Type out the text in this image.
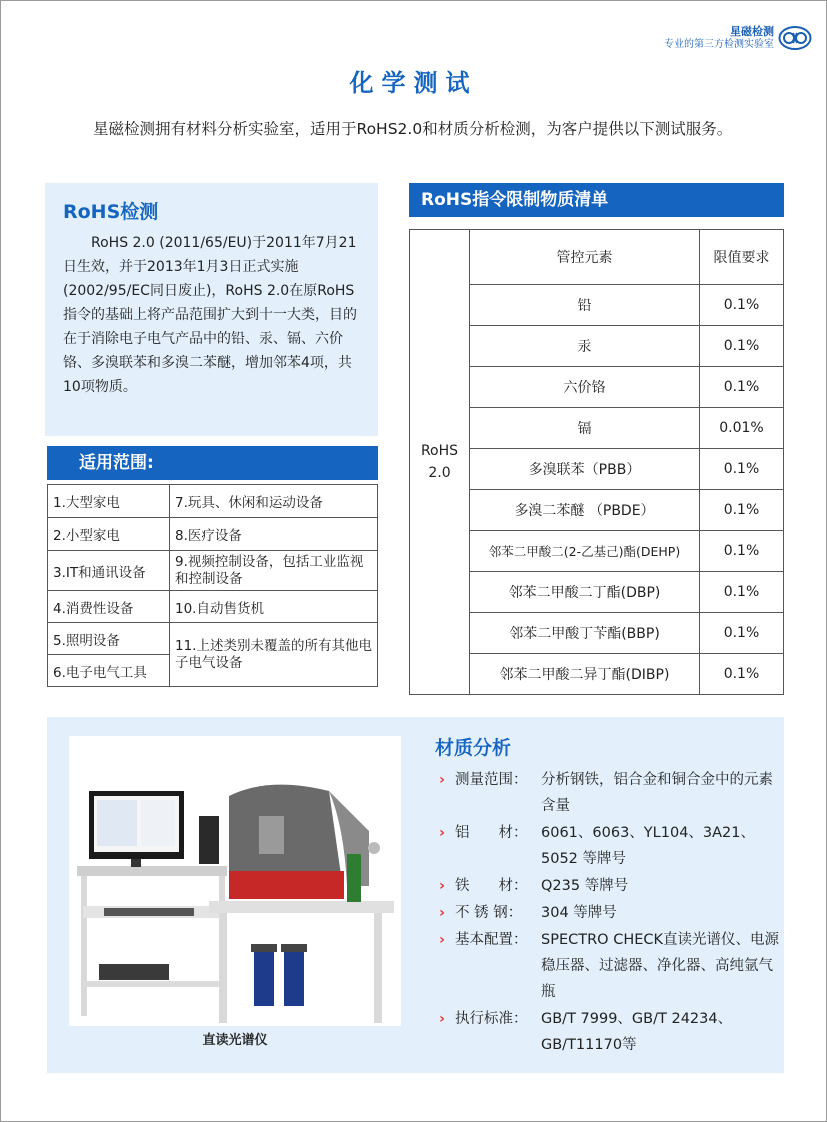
星磁检测
专业的第三方检测实验室
化学测试

星磁检测拥有材料分析实验室，适用于RoHS2.0和材质分析检测，为客户提供以下测试服务。

RoHS检测

RoHS 2.0 (2011/65/EU)于2011年7月21日生效，并于2013年1月3日正式实施(2002/95/EC同日废止)，RoHS 2.0在原RoHS指令的基础上将产品范围扩大到十一大类，目的在于消除电子电气产品中的铅、汞、镉、六价铬、多溴联苯和多溴二苯醚，增加邻苯4项，共10项物质。

适用范围:
1.大型家电	7.玩具、休闲和运动设备
2.小型家电	8.医疗设备
3.IT和通讯设备	9.视频控制设备，包括工业监视和控制设备
4.消费性设备	10.自动售货机
5.照明设备	11.上述类别未覆盖的所有其他电子电气设备
6.电子电气工具	
RoHS指令限制物质清单
RoHS
2.0	管控元素	限值要求
	铅	0.1%
	汞	0.1%
	六价铬	0.1%
	镉	0.01%
	多溴联苯（PBB）	0.1%
	多溴二苯醚 （PBDE）	0.1%
	邻苯二甲酸二(2-乙基己)酯(DEHP)	0.1%
	邻苯二甲酸二丁酯(DBP)	0.1%
	邻苯二甲酸丁苄酯(BBP)	0.1%
	邻苯二甲酸二异丁酯(DIBP)	0.1%
直读光谱仪
材质分析
› 测量范围： 分析钢铁，铝合金和铜合金中的元素含量
› 铝　　材： 6061、6063、YL104、3A21、5052 等牌号
› 铁　　材： Q235 等牌号
› 不 锈 钢：	304 等牌号
› 基本配置： SPECTRO CHECK直读光谱仪、电源稳压器、过滤器、净化器、高纯氩气瓶
› 执行标准： GB/T 7999、GB/T 24234、GB/T11170等
